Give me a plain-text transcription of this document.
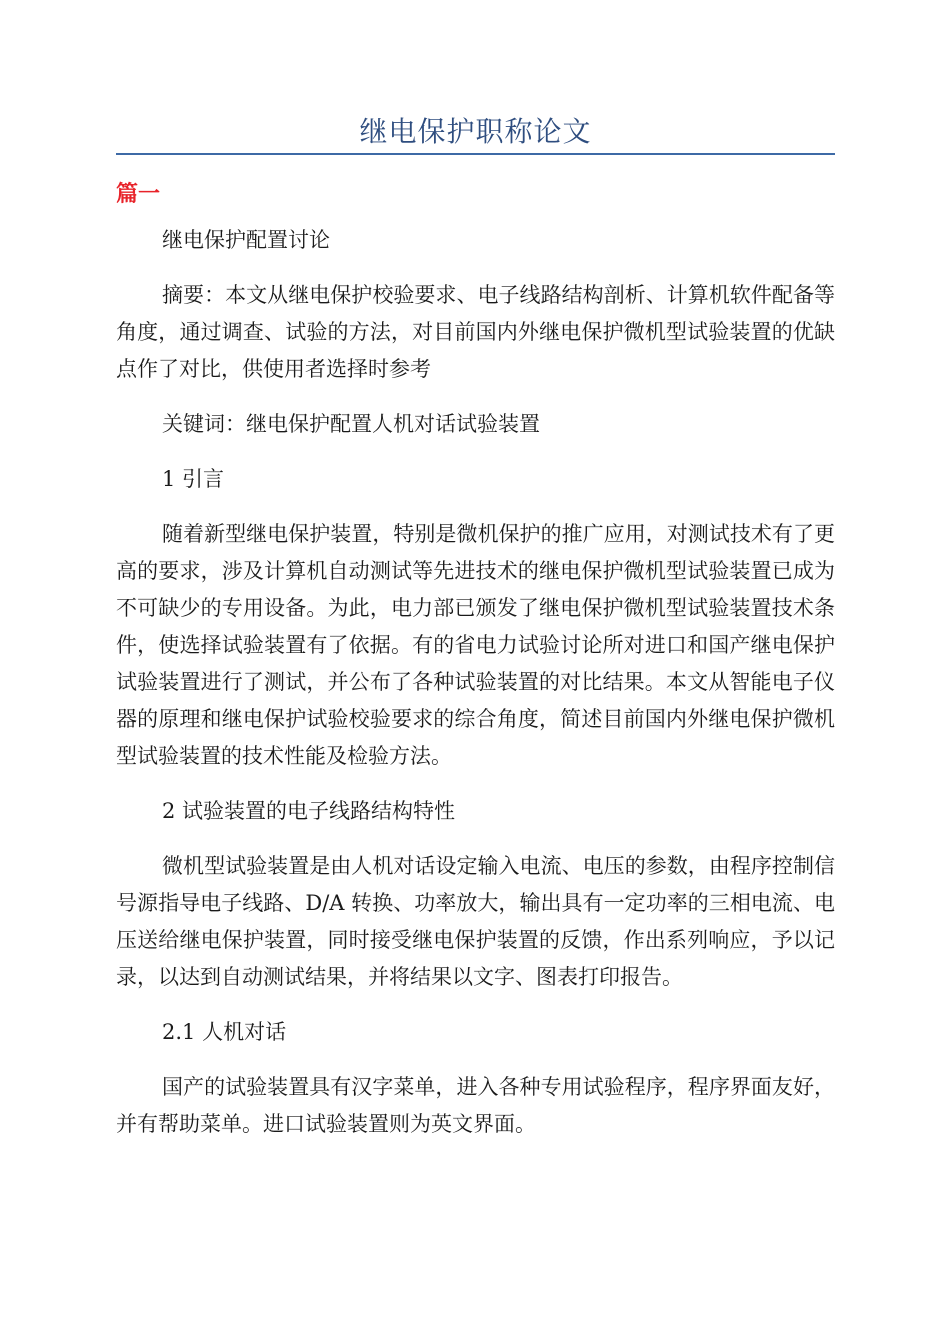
继电保护职称论文
篇一

继电保护配置讨论

摘要：本文从继电保护校验要求、电子线路结构剖析、计算机软件配备等角度，通过调查、试验的方法，对目前国内外继电保护微机型试验装置的优缺点作了对比，供使用者选择时参考

关键词：继电保护配置人机对话试验装置

1 引言

随着新型继电保护装置，特别是微机保护的推广应用，对测试技术有了更高的要求，涉及计算机自动测试等先进技术的继电保护微机型试验装置已成为不可缺少的专用设备。为此，电力部已颁发了继电保护微机型试验装置技术条件，使选择试验装置有了依据。有的省电力试验讨论所对进口和国产继电保护试验装置进行了测试，并公布了各种试验装置的对比结果。本文从智能电子仪器的原理和继电保护试验校验要求的综合角度，简述目前国内外继电保护微机型试验装置的技术性能及检验方法。

2 试验装置的电子线路结构特性

微机型试验装置是由人机对话设定输入电流、电压的参数，由程序控制信号源指导电子线路、D/A 转换、功率放大，输出具有一定功率的三相电流、电压送给继电保护装置，同时接受继电保护装置的反馈，作出系列响应，予以记录，以达到自动测试结果，并将结果以文字、图表打印报告。

2.1 人机对话

国产的试验装置具有汉字菜单，进入各种专用试验程序，程序界面友好，并有帮助菜单。进口试验装置则为英文界面。
